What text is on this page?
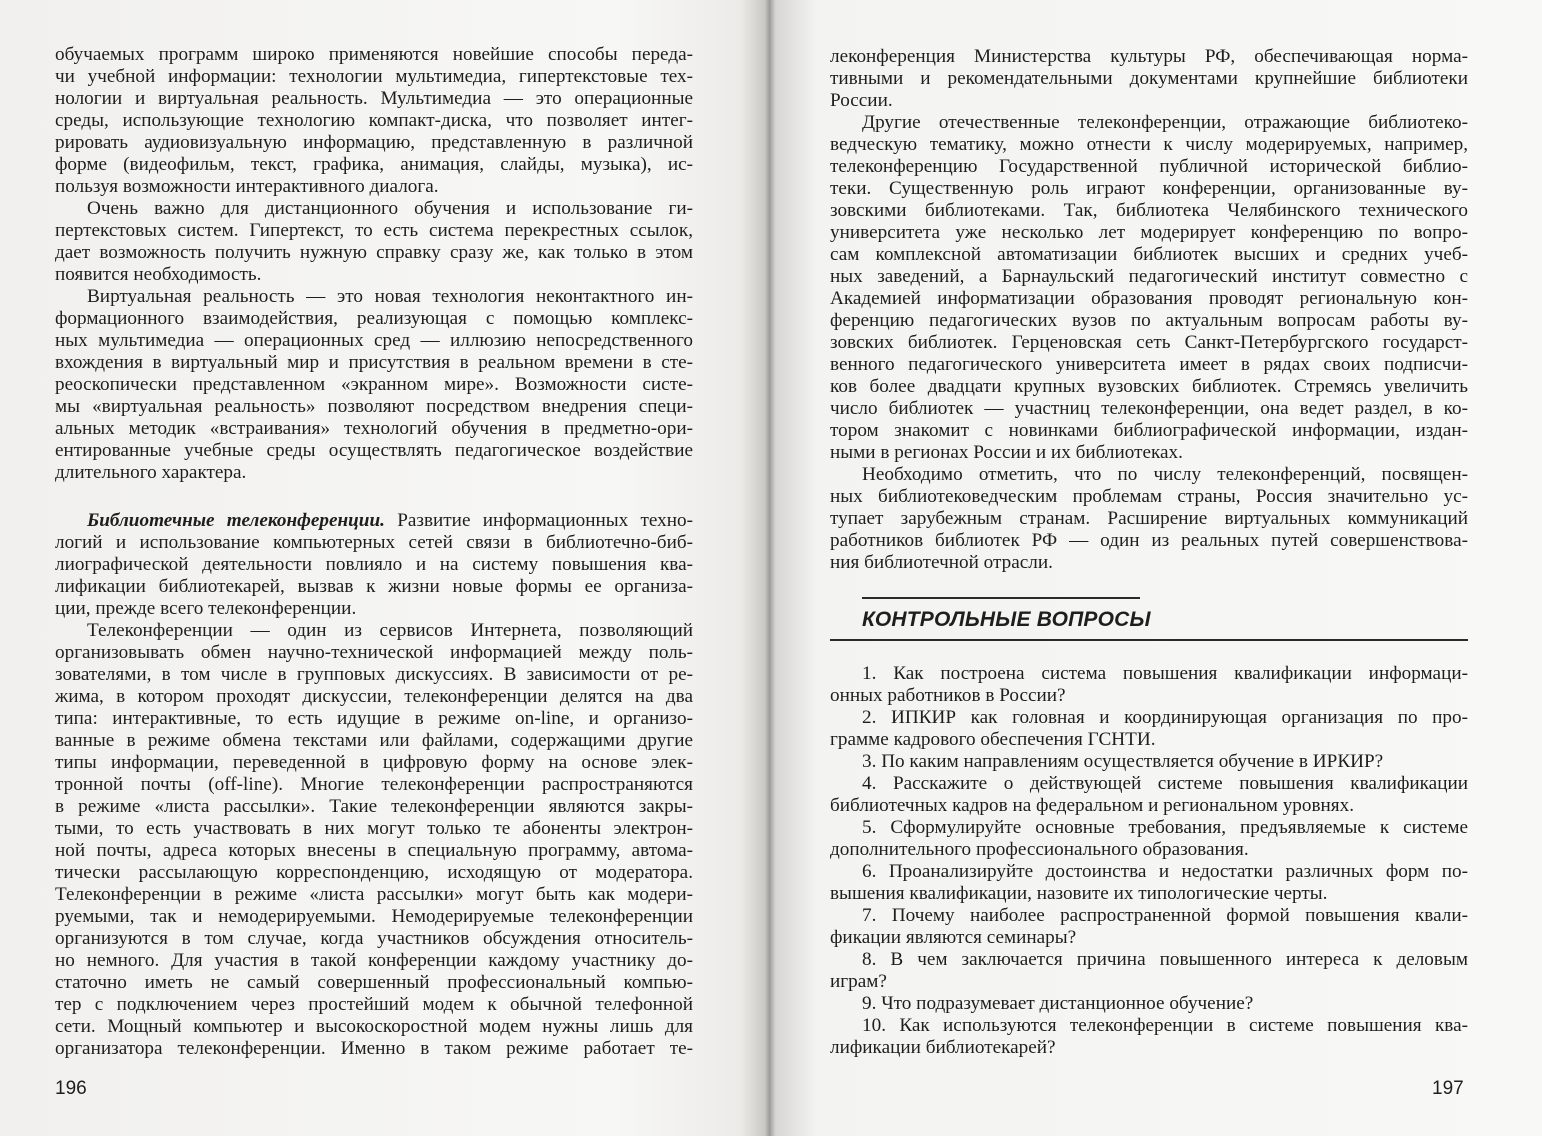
обучаемых программ широко применяются новейшие способы переда-
чи учебной информации: технологии мультимедиа, гипертекстовые тех-
нологии и виртуальная реальность. Мультимедиа — это операционные
среды, использующие технологию компакт-диска, что позволяет интег-
рировать аудиовизуальную информацию, представленную в различной
форме (видеофильм, текст, графика, анимация, слайды, музыка), ис-
пользуя возможности интерактивного диалога.
Очень важно для дистанционного обучения и использование ги-
пертекстовых систем. Гипертекст, то есть система перекрестных ссылок,
дает возможность получить нужную справку сразу же, как только в этом
появится необходимость.
Виртуальная реальность — это новая технология неконтактного ин-
формационного взаимодействия, реализующая с помощью комплекс-
ных мультимедиа — операционных сред — иллюзию непосредственного
вхождения в виртуальный мир и присутствия в реальном времени в сте-
реоскопически представленном «экранном мире». Возможности систе-
мы «виртуальная реальность» позволяют посредством внедрения специ-
альных методик «встраивания» технологий обучения в предметно-ори-
ентированные учебные среды осуществлять педагогическое воздействие
длительного характера.
Библиотечные телеконференции. Развитие информационных техно-
логий и использование компьютерных сетей связи в библиотечно-биб-
лиографической деятельности повлияло и на систему повышения ква-
лификации библиотекарей, вызвав к жизни новые формы ее организа-
ции, прежде всего телеконференции.
Телеконференции — один из сервисов Интернета, позволяющий
организовывать обмен научно-технической информацией между поль-
зователями, в том числе в групповых дискуссиях. В зависимости от ре-
жима, в котором проходят дискуссии, телеконференции делятся на два
типа: интерактивные, то есть идущие в режиме on-line, и организо-
ванные в режиме обмена текстами или файлами, содержащими другие
типы информации, переведенной в цифровую форму на основе элек-
тронной почты (off-line). Многие телеконференции распространяются
в режиме «листа рассылки». Такие телеконференции являются закры-
тыми, то есть участвовать в них могут только те абоненты электрон-
ной почты, адреса которых внесены в специальную программу, автома-
тически рассылающую корреспонденцию, исходящую от модератора.
Телеконференции в режиме «листа рассылки» могут быть как модери-
руемыми, так и немодерируемыми. Немодерируемые телеконференции
организуются в том случае, когда участников обсуждения относитель-
но немного. Для участия в такой конференции каждому участнику до-
статочно иметь не самый совершенный профессиональный компью-
тер с подключением через простейший модем к обычной телефонной
сети. Мощный компьютер и высокоскоростной модем нужны лишь для
организатора телеконференции. Именно в таком режиме работает те-
196
леконференция Министерства культуры РФ, обеспечивающая норма-
тивными и рекомендательными документами крупнейшие библиотеки
России.
Другие отечественные телеконференции, отражающие библиотеко-
ведческую тематику, можно отнести к числу модерируемых, например,
телеконференцию Государственной публичной исторической библио-
теки. Существенную роль играют конференции, организованные ву-
зовскими библиотеками. Так, библиотека Челябинского технического
университета уже несколько лет модерирует конференцию по вопро-
сам комплексной автоматизации библиотек высших и средних учеб-
ных заведений, а Барнаульский педагогический институт совместно с
Академией информатизации образования проводят региональную кон-
ференцию педагогических вузов по актуальным вопросам работы ву-
зовских библиотек. Герценовская сеть Санкт-Петербургского государст-
венного педагогического университета имеет в рядах своих подписчи-
ков более двадцати крупных вузовских библиотек. Стремясь увеличить
число библиотек — участниц телеконференции, она ведет раздел, в ко-
тором знакомит с новинками библиографической информации, издан-
ными в регионах России и их библиотеках.
Необходимо отметить, что по числу телеконференций, посвящен-
ных библиотековедческим проблемам страны, Россия значительно ус-
тупает зарубежным странам. Расширение виртуальных коммуникаций
работников библиотек РФ — один из реальных путей совершенствова-
ния библиотечной отрасли.
КОНТРОЛЬНЫЕ ВОПРОСЫ
1. Как построена система повышения квалификации информаци-
онных работников в России?
2. ИПКИР как головная и координирующая организация по про-
грамме кадрового обеспечения ГСНТИ.
3. По каким направлениям осуществляется обучение в ИРКИР?
4. Расскажите о действующей системе повышения квалификации
библиотечных кадров на федеральном и региональном уровнях.
5. Сформулируйте основные требования, предъявляемые к системе
дополнительного профессионального образования.
6. Проанализируйте достоинства и недостатки различных форм по-
вышения квалификации, назовите их типологические черты.
7. Почему наиболее распространенной формой повышения квали-
фикации являются семинары?
8. В чем заключается причина повышенного интереса к деловым
играм?
9. Что подразумевает дистанционное обучение?
10. Как используются телеконференции в системе повышения ква-
лификации библиотекарей?
197
